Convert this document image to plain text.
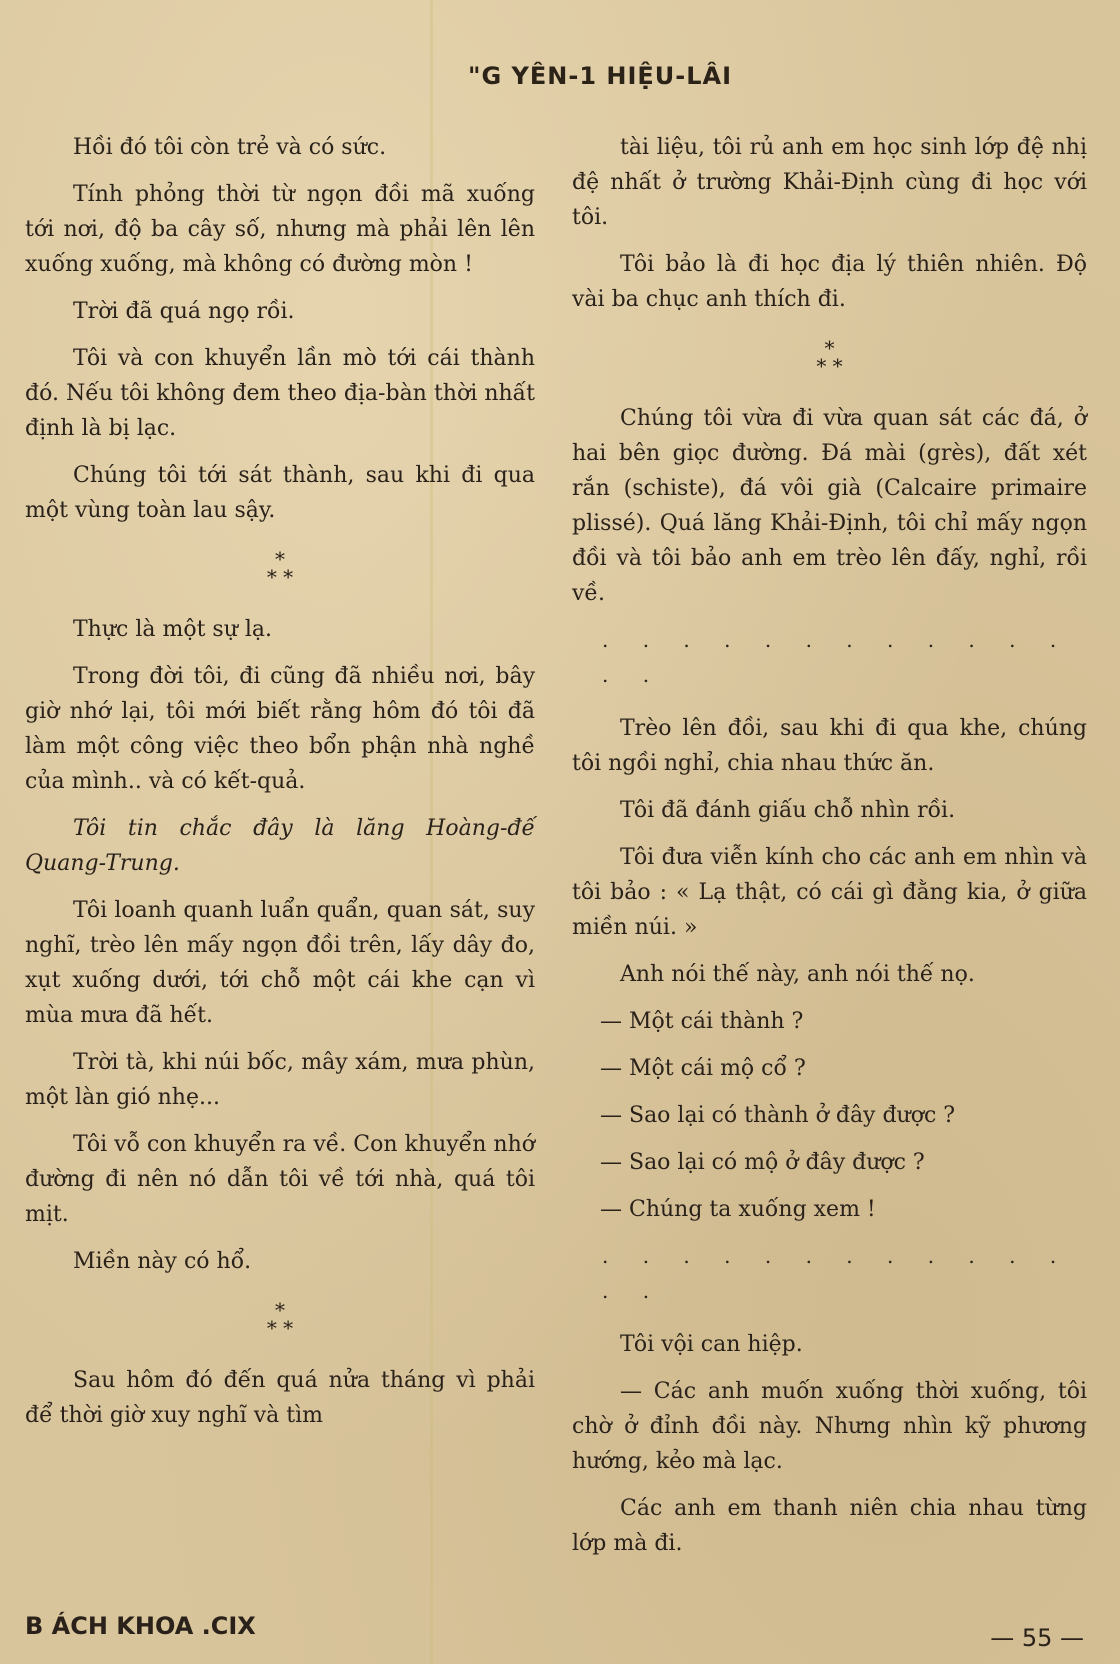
"G YÊN-1 HIỆU-LÂI

Hồi đó tôi còn trẻ và có sức.

Tính phỏng thời từ ngọn đồi mã xuống tới nơi, độ ba cây số, nhưng mà phải lên lên xuống xuống, mà không có đường mòn !

Trời đã quá ngọ rồi.

Tôi và con khuyển lần mò tới cái thành đó. Nếu tôi không đem theo địa-bàn thời nhất định là bị lạc.

Chúng tôi tới sát thành, sau khi đi qua một vùng toàn lau sậy.

*
* *

Thực là một sự lạ.

Trong đời tôi, đi cũng đã nhiều nơi, bây giờ nhớ lại, tôi mới biết rằng hôm đó tôi đã làm một công việc theo bổn phận nhà nghề của mình.. và có kết-quả.

Tôi tin chắc đây là lăng Hoàng-đế Quang-Trung.

Tôi loanh quanh luẩn quẩn, quan sát, suy nghĩ, trèo lên mấy ngọn đồi trên, lấy dây đo, xụt xuống dưới, tới chỗ một cái khe cạn vì mùa mưa đã hết.

Trời tà, khi núi bốc, mây xám, mưa phùn, một làn gió nhẹ...

Tôi vỗ con khuyển ra về. Con khuyển nhớ đường đi nên nó dẫn tôi về tới nhà, quá tôi mịt.

Miền này có hổ.

*
* *

Sau hôm đó đến quá nửa tháng vì phải để thời giờ xuy nghĩ và tìm

tài liệu, tôi rủ anh em học sinh lớp đệ nhị đệ nhất ở trường Khải-Định cùng đi học với tôi.

Tôi bảo là đi học địa lý thiên nhiên. Độ vài ba chục anh thích đi.

*
* *

Chúng tôi vừa đi vừa quan sát các đá, ở hai bên giọc đường. Đá mài (grès), đất xét rắn (schiste), đá vôi già (Calcaire primaire plissé). Quá lăng Khải-Định, tôi chỉ mấy ngọn đồi và tôi bảo anh em trèo lên đấy, nghỉ, rồi về.

. . . . . . . . . . . . . .

Trèo lên đồi, sau khi đi qua khe, chúng tôi ngồi nghỉ, chia nhau thức ăn.

Tôi đã đánh giấu chỗ nhìn rồi.

Tôi đưa viễn kính cho các anh em nhìn và tôi bảo : « Lạ thật, có cái gì đằng kia, ở giữa miền núi. »

Anh nói thế này, anh nói thế nọ.

— Một cái thành ?

— Một cái mộ cổ ?

— Sao lại có thành ở đây được ?

— Sao lại có mộ ở đây được ?

— Chúng ta xuống xem !

. . . . . . . . . . . . . .

Tôi vội can hiệp.

— Các anh muốn xuống thời xuống, tôi chờ ở đỉnh đồi này. Nhưng nhìn kỹ phương hướng, kẻo mà lạc.

Các anh em thanh niên chia nhau từng lớp mà đi.

B ÁCH KHOA .CIX	— 55 —
